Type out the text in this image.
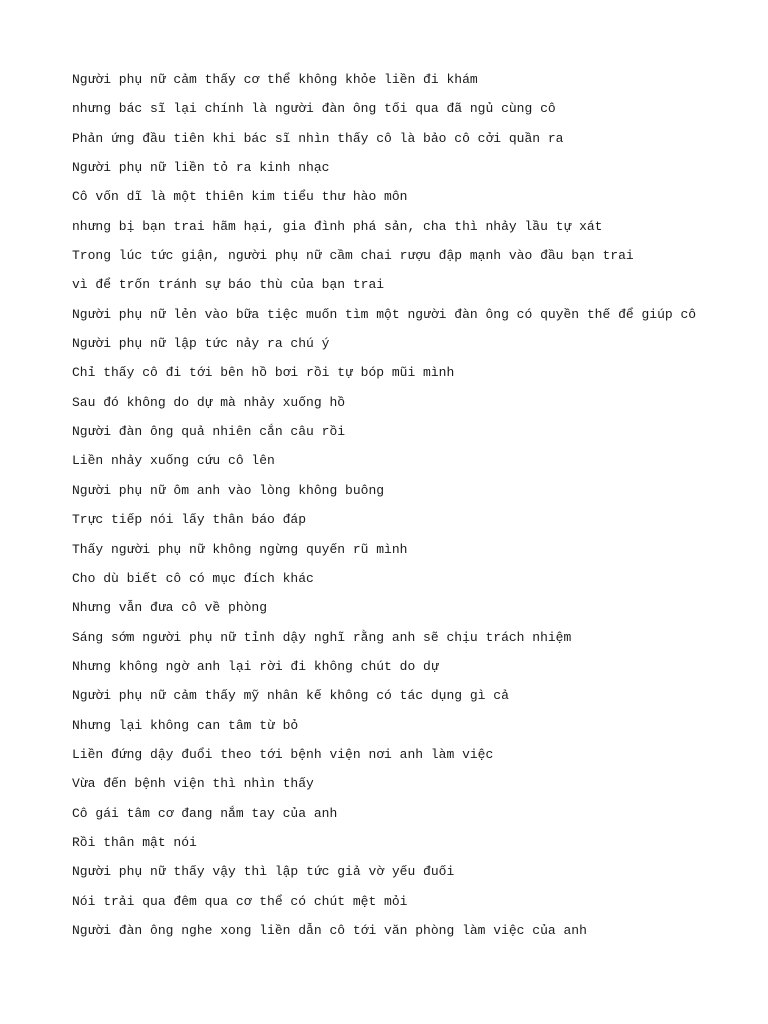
Người phụ nữ cảm thấy cơ thể không khỏe liền đi khám
nhưng bác sĩ lại chính là người đàn ông tối qua đã ngủ cùng cô
Phản ứng đầu tiên khi bác sĩ nhìn thấy cô là bảo cô cởi quần ra
Người phụ nữ liền tỏ ra kinh nhạc
Cô vốn dĩ là một thiên kim tiểu thư hào môn
nhưng bị bạn trai hãm hại, gia đình phá sản, cha thì nhảy lầu tự xát
Trong lúc tức giận, người phụ nữ cầm chai rượu đập mạnh vào đầu bạn trai
vì để trốn tránh sự báo thù của bạn trai
Người phụ nữ lẻn vào bữa tiệc muốn tìm một người đàn ông có quyền thế để giúp cô
Người phụ nữ lập tức nảy ra chú ý
Chỉ thấy cô đi tới bên hồ bơi rồi tự bóp mũi mình
Sau đó không do dự mà nhảy xuống hồ
Người đàn ông quả nhiên cắn câu rồi
Liền nhảy xuống cứu cô lên
Người phụ nữ ôm anh vào lòng không buông
Trực tiếp nói lấy thân báo đáp
Thấy người phụ nữ không ngừng quyến rũ mình
Cho dù biết cô có mục đích khác
Nhưng vẫn đưa cô về phòng
Sáng sớm người phụ nữ tỉnh dậy nghĩ rằng anh sẽ chịu trách nhiệm
Nhưng không ngờ anh lại rời đi không chút do dự
Người phụ nữ cảm thấy mỹ nhân kế không có tác dụng gì cả
Nhưng lại không can tâm từ bỏ
Liền đứng dậy đuổi theo tới bệnh viện nơi anh làm việc
Vừa đến bệnh viện thì nhìn thấy
Cô gái tâm cơ đang nắm tay của anh
Rồi thân mật nói
Người phụ nữ thấy vậy thì lập tức giả vờ yếu đuối
Nói trải qua đêm qua cơ thể có chút mệt mỏi
Người đàn ông nghe xong liền dẫn cô tới văn phòng làm việc của anh
